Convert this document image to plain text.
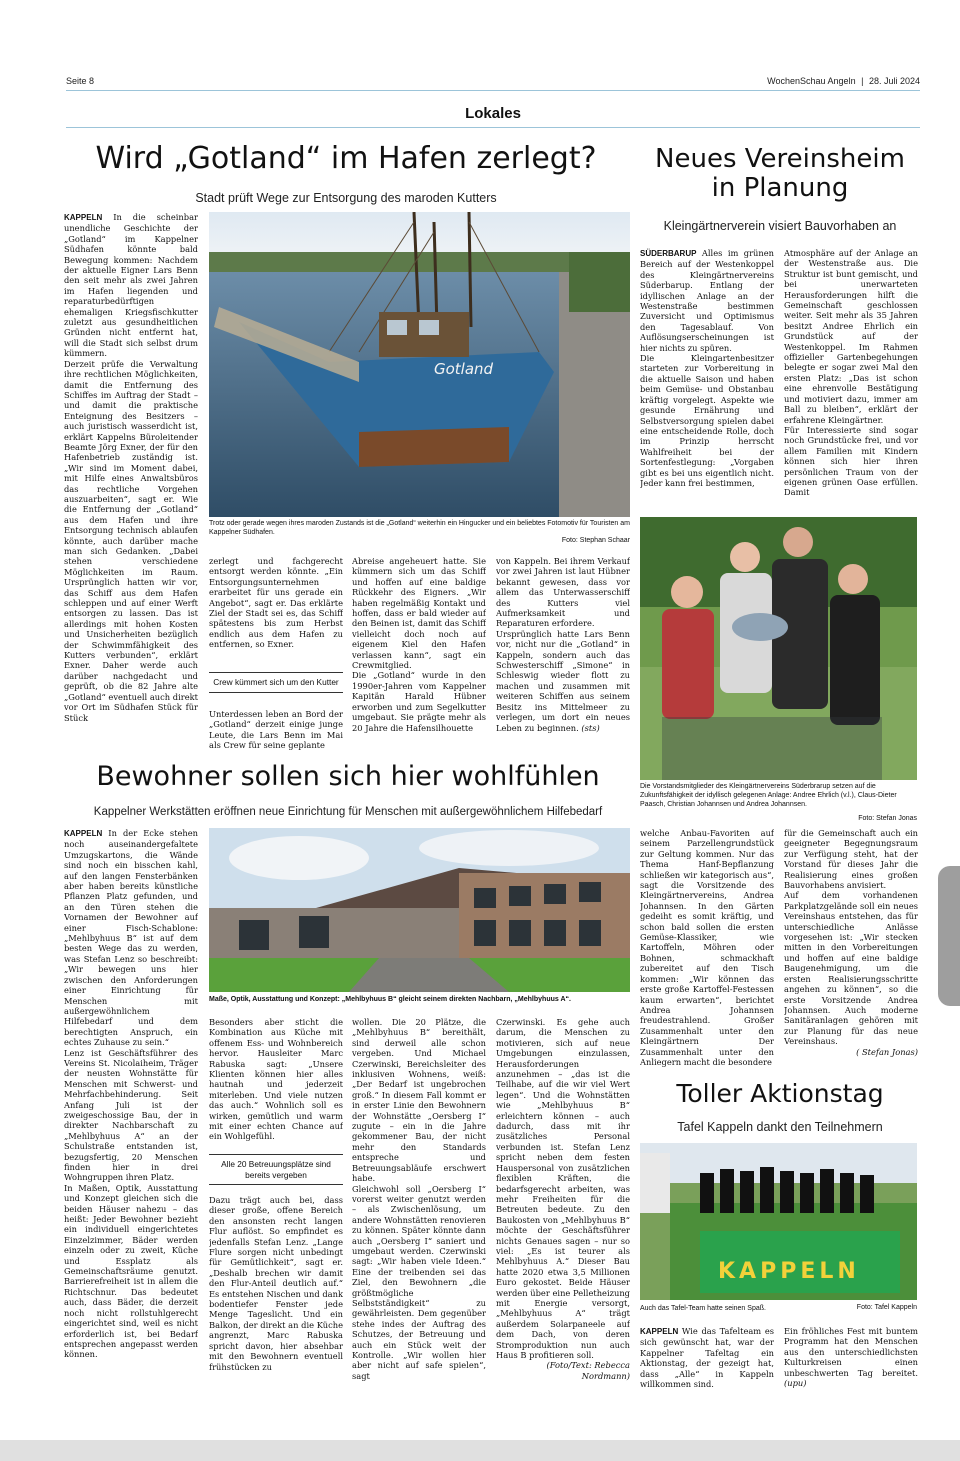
Seite 8	WochenSchau Angeln | 28. Juli 2024
Lokales
Wird „Gotland“ im Hafen zerlegt?
Stadt prüft Wege zur Entsorgung des maroden Kutters

KAPPELN In die scheinbar unendliche Geschichte der „Gotland“ im Kappelner Südhafen könnte bald Bewegung kommen: Nachdem der aktuelle Eigner Lars Benn den seit mehr als zwei Jahren im Hafen liegenden und reparaturbedürftigen ehemaligen Kriegsfischkutter zuletzt aus gesundheitlichen Gründen nicht entfernt hat, will die Stadt sich selbst drum kümmern.

Derzeit prüfe die Verwaltung ihre rechtlichen Möglichkeiten, damit die Entfernung des Schiffes im Auftrag der Stadt – und damit die praktische Enteignung des Besitzers – auch juristisch wasserdicht ist, erklärt Kappelns Büroleitender Beamte Jörg Exner, der für den Hafenbetrieb zuständig ist. „Wir sind im Moment dabei, mit Hilfe eines Anwaltsbüros das rechtliche Vorgehen auszuarbeiten“, sagt er. Wie die Entfernung der „Gotland“ aus dem Hafen und ihre Entsorgung technisch ablaufen könnte, auch darüber mache man sich Gedanken. „Dabei stehen verschiedene Möglichkeiten im Raum. Ursprünglich hatten wir vor, das Schiff aus dem Hafen schleppen und auf einer Werft entsorgen zu lassen. Das ist allerdings mit hohen Kosten und Unsicherheiten bezüglich der Schwimmfähigkeit des Kutters verbunden“, erklärt Exner. Daher werde auch darüber nachgedacht und geprüft, ob die 82 Jahre alte „Gotland“ eventuell auch direkt vor Ort im Südhafen Stück für Stück

Gotland
Trotz oder gerade wegen ihres maroden Zustands ist die „Gotland“ weiterhin ein Hingucker und ein beliebtes Fotomotiv für Touristen am Kappelner Südhafen.
Foto: Stephan Schaar

zerlegt und fachgerecht entsorgt werden könnte. „Ein Entsorgungsunternehmen erarbeitet für uns gerade ein Angebot“, sagt er. Das erklärte Ziel der Stadt sei es, das Schiff spätestens bis zum Herbst endlich aus dem Hafen zu entfernen, so Exner.

Crew kümmert sich um den Kutter

Unterdessen leben an Bord der „Gotland“ derzeit einige junge Leute, die Lars Benn im Mai als Crew für seine geplante

Abreise angeheuert hatte. Sie kümmern sich um das Schiff und hoffen auf eine baldige Rückkehr des Eigners. „Wir haben regelmäßig Kontakt und hoffen, dass er bald wieder auf den Beinen ist, damit das Schiff vielleicht doch noch auf eigenem Kiel den Hafen verlassen kann“, sagt ein Crewmitglied.

Die „Gotland“ wurde in den 1990er-Jahren vom Kappelner Kapitän Harald Hübner erworben und zum Segelkutter umgebaut. Sie prägte mehr als 20 Jahre die Hafensilhouette

von Kappeln. Bei ihrem Verkauf vor zwei Jahren ist laut Hübner bekannt gewesen, dass vor allem das Unterwasserschiff des Kutters viel Aufmerksamkeit und Reparaturen erfordere.

Ursprünglich hatte Lars Benn vor, nicht nur die „Gotland“ in Kappeln, sondern auch das Schwesterschiff „Simone“ in Schleswig wieder flott zu machen und zusammen mit weiteren Schiffen aus seinem Besitz ins Mittelmeer zu verlegen, um dort ein neues Leben zu beginnen. (sts)

Neues Vereinsheim
in Planung
Kleingärtnerverein visiert Bauvorhaben an

SÜDERBARUP Alles im grünen Bereich auf der Westenkoppel des Kleingärtnervereins Süderbarup. Entlang der idyllischen Anlage an der Westenstraße bestimmen Zuversicht und Optimismus den Tagesablauf. Von Auflösungserscheinungen ist hier nichts zu spüren.

Die Kleingartenbesitzer starteten zur Vorbereitung in die aktuelle Saison und haben beim Gemüse- und Obstanbau kräftig vorgelegt. Aspekte wie gesunde Ernährung und Selbstversorgung spielen dabei eine entscheidende Rolle, doch im Prinzip herrscht Wahlfreiheit bei der Sortenfestlegung: „Vorgaben gibt es bei uns eigentlich nicht. Jeder kann frei bestimmen,

Atmosphäre auf der Anlage an der Westenstraße aus. Die Struktur ist bunt gemischt, und bei unerwarteten Herausforderungen hilft die Gemeinschaft geschlossen weiter. Seit mehr als 35 Jahren besitzt Andree Ehrlich ein Grundstück auf der Westenkoppel. Im Rahmen offizieller Gartenbegehungen belegte er sogar zwei Mal den ersten Platz: „Das ist schon eine ehrenvolle Bestätigung und motiviert dazu, immer am Ball zu bleiben“, erklärt der erfahrene Kleingärtner.

Für Interessierte sind sogar noch Grundstücke frei, und vor allem Familien mit Kindern können sich hier ihren persönlichen Traum von der eigenen grünen Oase erfüllen. Damit

Die Vorstandsmitglieder des Kleingärtnervereins Süderbrarup setzen auf die Zukunftsfähigkeit der idyllisch gelegenen Anlage: Andree Ehrlich (v.l.), Claus-Dieter Paasch, Christian Johannsen und Andrea Johannsen.
Foto: Stefan Jonas

welche Anbau-Favoriten auf seinem Parzellengrundstück zur Geltung kommen. Nur das Thema Hanf-Bepflanzung schließen wir kategorisch aus“, sagt die Vorsitzende des Kleingärtnervereins, Andrea Johannsen. In den Gärten gedeiht es somit kräftig, und schon bald sollen die ersten Gemüse-Klassiker, wie Kartoffeln, Möhren oder Bohnen, schmackhaft zubereitet auf den Tisch kommen: „Wir können das erste große Kartoffel-Festessen kaum erwarten“, berichtet Andrea Johannsen freudestrahlend. Großer Zusammenhalt unter den Kleingärtnern Der Zusammenhalt unter den Anliegern macht die besondere

für die Gemeinschaft auch ein geeigneter Begegnungsraum zur Verfügung steht, hat der Vorstand für dieses Jahr die Realisierung eines großen Bauvorhabens anvisiert.

Auf dem vorhandenen Parkplatzgelände soll ein neues Vereinshaus entstehen, das für unterschiedliche Anlässe vorgesehen ist: „Wir stecken mitten in den Vorbereitungen und hoffen auf eine baldige Baugenehmigung, um die ersten Realisierungsschritte angehen zu können“, so die erste Vorsitzende Andrea Johannsen. Auch moderne Sanitäranlagen gehören mit zur Planung für das neue Vereinshaus.

( Stefan Jonas)

Bewohner sollen sich hier wohlfühlen
Kappelner Werkstätten eröffnen neue Einrichtung für Menschen mit außergewöhnlichem Hilfebedarf

KAPPELN In der Ecke stehen noch auseinandergefaltete Umzugskartons, die Wände sind noch ein bisschen kahl, auf den langen Fensterbänken aber haben bereits künstliche Pflanzen Platz gefunden, und an den Türen stehen die Vornamen der Bewohner auf einer Fisch-Schablone: „Mehlbyhuus B“ ist auf dem besten Wege das zu werden, was Stefan Lenz so beschreibt: „Wir bewegen uns hier zwischen den Anforderungen einer Einrichtung für Menschen mit außergewöhnlichem Hilfebedarf und dem berechtigten Anspruch, ein echtes Zuhause zu sein.“

Lenz ist Geschäftsführer des Vereins St. Nicolaiheim, Träger der neusten Wohnstätte für Menschen mit Schwerst- und Mehrfachbehinderung. Seit Anfang Juli ist der zweigeschossige Bau, der in direkter Nachbarschaft zu „Mehlbyhuus A“ an der Schulstraße entstanden ist, bezugsfertig, 20 Menschen finden hier in drei Wohngruppen ihren Platz.

In Maßen, Optik, Ausstattung und Konzept gleichen sich die beiden Häuser nahezu – das heißt: Jeder Bewohner bezieht ein individuell eingerichtetes Einzelzimmer, Bäder werden einzeln oder zu zweit, Küche und Essplatz als Gemeinschaftsräume genutzt. Barrierefreiheit ist in allem die Richtschnur. Das bedeutet auch, dass Bäder, die derzeit noch nicht rollstuhlgerecht eingerichtet sind, weil es nicht erforderlich ist, bei Bedarf entsprechen angepasst werden können.

Maße, Optik, Ausstattung und Konzept: „Mehlbyhuus B“ gleicht seinem direkten Nachbarn, „Mehlbyhuus A“.

Besonders aber sticht die Kombination aus Küche mit offenem Ess- und Wohnbereich hervor. Hausleiter Marc Rabuska sagt: „Unsere Klienten können hier alles hautnah und jederzeit miterleben. Und viele nutzen das auch.“ Wohnlich soll es wirken, gemütlich und warm mit einer echten Chance auf ein Wohlgefühl.

Alle 20 Betreuungsplätze sind bereits vergeben

Dazu trägt auch bei, dass dieser große, offene Bereich den ansonsten recht langen Flur auflöst. So empfindet es jedenfalls Stefan Lenz. „Lange Flure sorgen nicht unbedingt für Gemütlichkeit“, sagt er. „Deshalb brechen wir damit den Flur-Anteil deutlich auf.“ Es entstehen Nischen und dank bodentiefer Fenster jede Menge Tageslicht. Und ein Balkon, der direkt an die Küche angrenzt, Marc Rabuska spricht davon, hier absehbar mit den Bewohnern eventuell frühstücken zu

wollen. Die 20 Plätze, die „Mehlbyhuus B“ bereithält, sind derweil alle schon vergeben. Und Michael Czerwinski, Bereichsleiter des inklusiven Wohnens, weiß: „Der Bedarf ist ungebrochen groß.“ In diesem Fall kommt er in erster Linie den Bewohnern der Wohnstätte „Oersberg I“ zugute – ein in die Jahre gekommener Bau, der nicht mehr den Standards entspreche und Betreuungsabläufe erschwert habe.

Gleichwohl soll „Oersberg I“ vorerst weiter genutzt werden – als Zwischenlösung, um andere Wohnstätten renovieren zu können. Später könnte dann auch „Oersberg I“ saniert und umgebaut werden. Czerwinski sagt: „Wir haben viele Ideen.“ Eine der treibenden sei das Ziel, den Bewohnern „die größtmögliche Selbstständigkeit“ zu gewährleisten. Dem gegenüber stehe indes der Auftrag des Schutzes, der Betreuung und auch ein Stück weit der Kontrolle. „Wir wollen hier aber nicht auf safe spielen“, sagt

Czerwinski. Es gehe auch darum, die Menschen zu motivieren, sich auf neue Umgebungen einzulassen, Herausforderungen anzunehmen – „das ist die Teilhabe, auf die wir viel Wert legen“. Und die Wohnstätten wie „Mehlbyhuus B“ erleichtern können – auch dadurch, dass mit ihr zusätzliches Personal verbunden ist. Stefan Lenz spricht neben dem festen Hauspersonal von zusätzlichen flexiblen Kräften, die bedarfsgerecht arbeiten, was mehr Freiheiten für die Betreuten bedeute. Zu den Baukosten von „Mehlbyhuus B“ möchte der Geschäftsführer nichts Genaues sagen – nur so viel: „Es ist teurer als Mehlbyhuus A.“ Dieser Bau hatte 2020 etwa 3,5 Millionen Euro gekostet. Beide Häuser werden über eine Pelletheizung mit Energie versorgt, „Mehlbyhuus A“ trägt außerdem Solarpaneele auf dem Dach, von deren Stromproduktion nun auch Haus B profitieren soll.

(Foto/Text: Rebecca Nordmann)

Toller Aktionstag
Tafel Kappeln dankt den Teilnehmern
KAPPELN
Auch das Tafel-Team hatte seinen Spaß.	Foto: Tafel Kappeln

KAPPELN Wie das Tafelteam es sich gewünscht hat, war der Kappelner Tafeltag ein Aktionstag, der gezeigt hat, dass „Alle“ in Kappeln willkommen sind.

Ein fröhliches Fest mit buntem Programm hat den Menschen aus den unterschiedlichsten Kulturkreisen einen unbeschwerten Tag bereitet. (upu)
